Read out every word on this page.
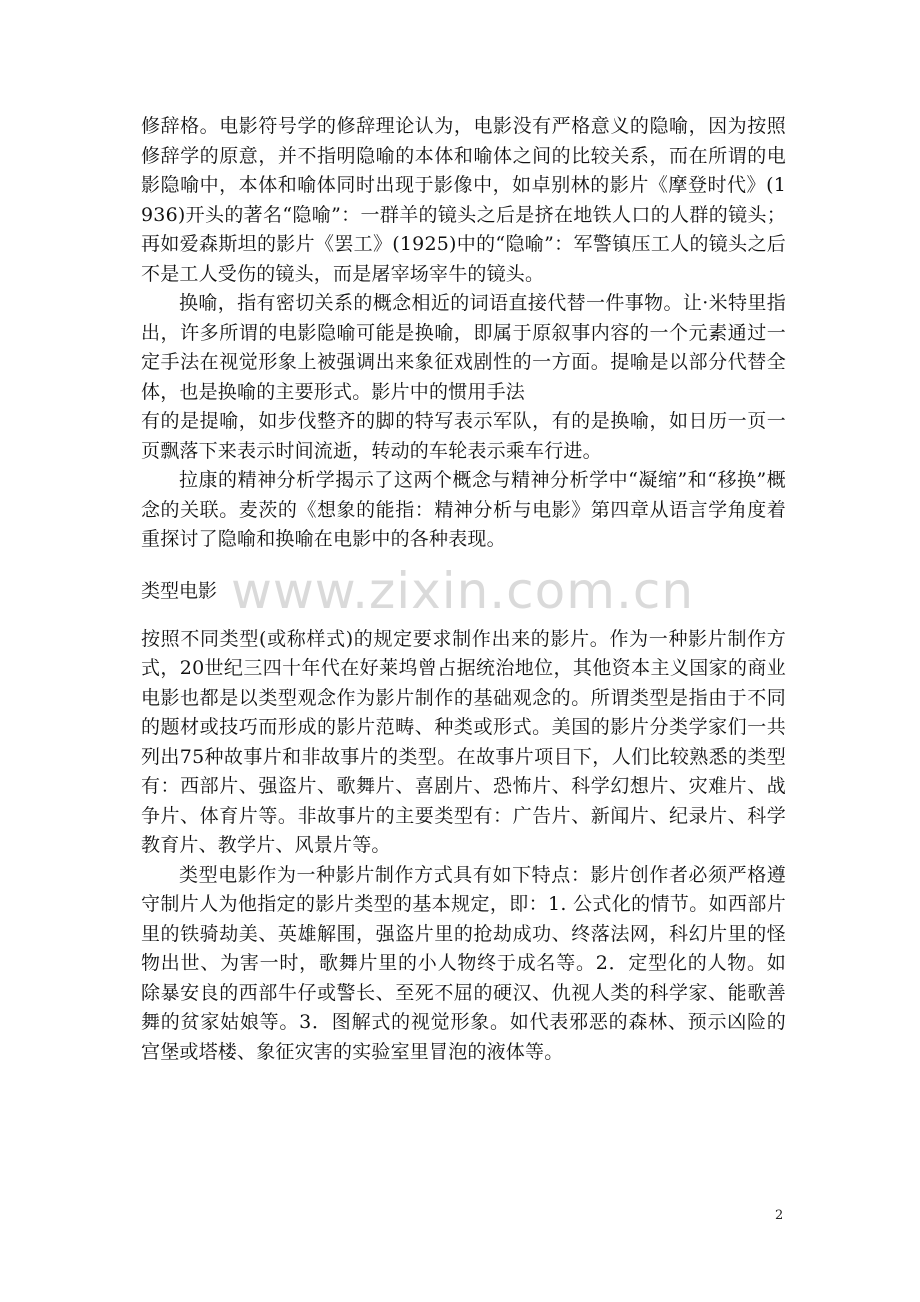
修辞格。电影符号学的修辞理论认为，电影没有严格意义的隐喻，因为按照修辞学的原意，并不指明隐喻的本体和喻体之间的比较关系，而在所谓的电影隐喻中，本体和喻体同时出现于影像中，如卓别林的影片《摩登时代》(1936)开头的著名“隐喻”：一群羊的镜头之后是挤在地铁人口的人群的镜头；再如爱森斯坦的影片《罢工》(1925)中的“隐喻”：军警镇压工人的镜头之后不是工人受伤的镜头，而是屠宰场宰牛的镜头。

换喻，指有密切关系的概念相近的词语直接代替一件事物。让·米特里指出，许多所谓的电影隐喻可能是换喻，即属于原叙事内容的一个元素通过一定手法在视觉形象上被强调出来象征戏剧性的一方面。提喻是以部分代替全体，也是换喻的主要形式。影片中的惯用手法

有的是提喻，如步伐整齐的脚的特写表示军队，有的是换喻，如日历一页一页飘落下来表示时间流逝，转动的车轮表示乘车行进。

拉康的精神分析学揭示了这两个概念与精神分析学中“凝缩”和“移换”概念的关联。麦茨的《想象的能指：精神分析与电影》第四章从语言学角度着重探讨了隐喻和换喻在电影中的各种表现。

www.zixin.com.cn
类型电影

按照不同类型(或称样式)的规定要求制作出来的影片。作为一种影片制作方式，20世纪三四十年代在好莱坞曾占据统治地位，其他资本主义国家的商业电影也都是以类型观念作为影片制作的基础观念的。所谓类型是指由于不同的题材或技巧而形成的影片范畴、种类或形式。美国的影片分类学家们一共列出75种故事片和非故事片的类型。在故事片项目下，人们比较熟悉的类型有：西部片、强盗片、歌舞片、喜剧片、恐怖片、科学幻想片、灾难片、战争片、体育片等。非故事片的主要类型有：广告片、新闻片、纪录片、科学教育片、教学片、风景片等。

类型电影作为一种影片制作方式具有如下特点：影片创作者必须严格遵守制片人为他指定的影片类型的基本规定，即：1. 公式化的情节。如西部片里的铁骑劫美、英雄解围，强盗片里的抢劫成功、终落法网，科幻片里的怪物出世、为害一时，歌舞片里的小人物终于成名等。2．定型化的人物。如除暴安良的西部牛仔或警长、至死不屈的硬汉、仇视人类的科学家、能歌善舞的贫家姑娘等。3．图解式的视觉形象。如代表邪恶的森林、预示凶险的宫堡或塔楼、象征灾害的实验室里冒泡的液体等。

2
